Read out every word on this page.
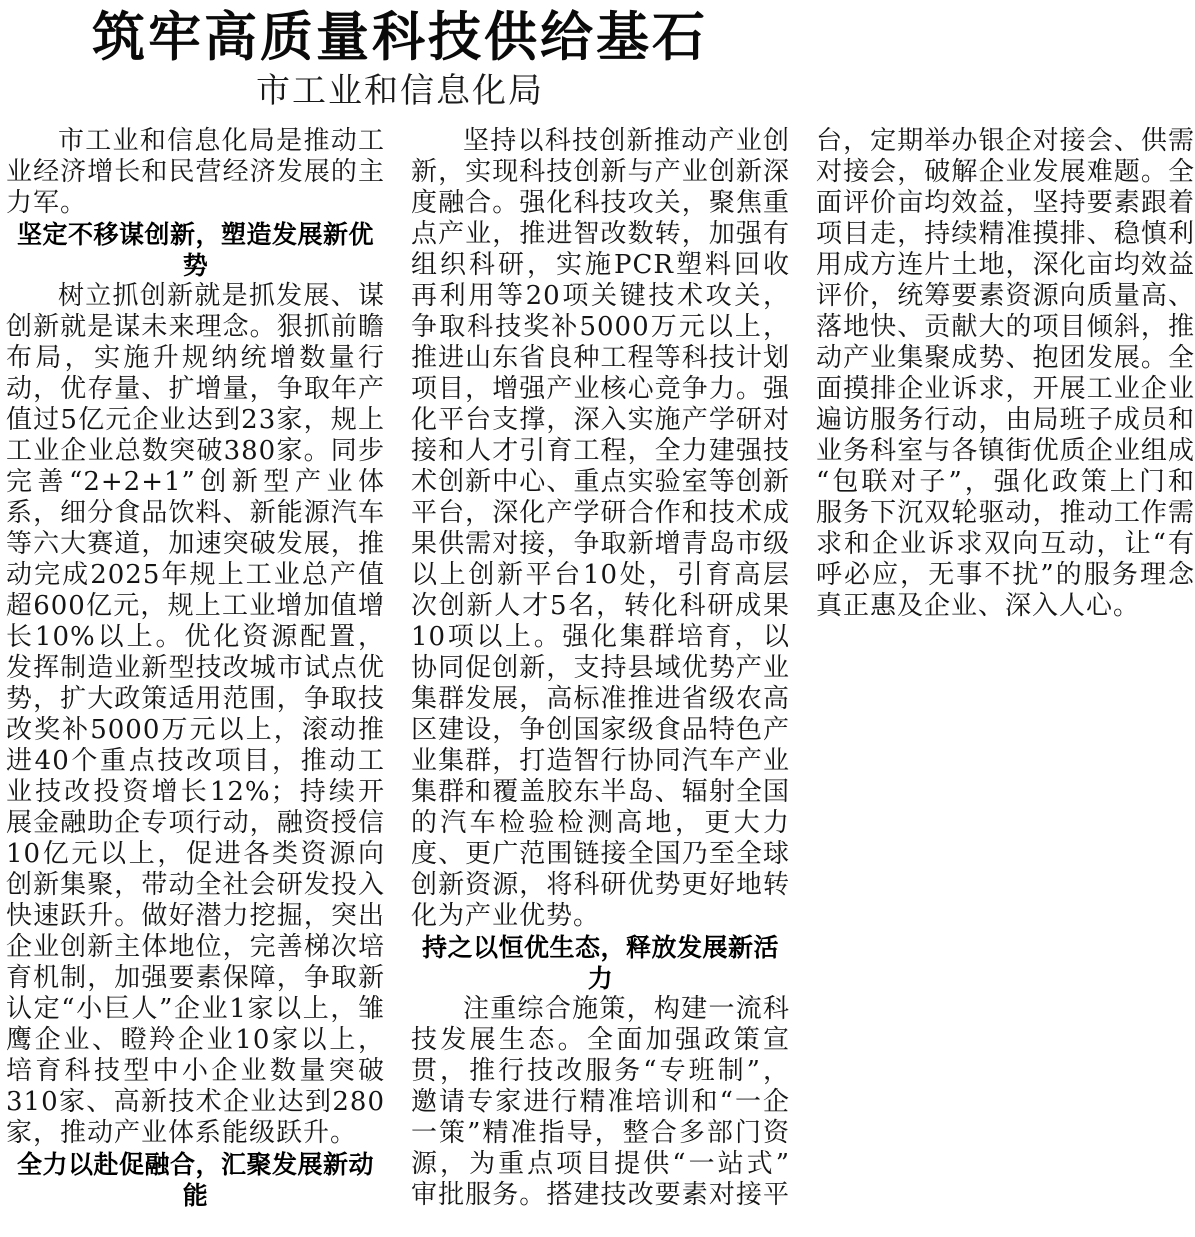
筑牢高质量科技供给基石
市工业和信息化局

市工业和信息化局是推动工业经济增长和民营经济发展的主力军。

坚定不移谋创新，塑造发展新优势

树立抓创新就是抓发展、谋创新就是谋未来理念。狠抓前瞻布局，实施升规纳统增数量行动，优存量、扩增量，争取年产值过5亿元企业达到23家，规上工业企业总数突破380家。同步完善“2+2+1”创新型产业体系，细分食品饮料、新能源汽车等六大赛道，加速突破发展，推动完成2025年规上工业总产值超600亿元，规上工业增加值增长10%以上。优化资源配置，发挥制造业新型技改城市试点优势，扩大政策适用范围，争取技改奖补5000万元以上，滚动推进40个重点技改项目，推动工业技改投资增长12%；持续开展金融助企专项行动，融资授信10亿元以上，促进各类资源向创新集聚，带动全社会研发投入快速跃升。做好潜力挖掘，突出企业创新主体地位，完善梯次培育机制，加强要素保障，争取新认定“小巨人”企业1家以上，雏鹰企业、瞪羚企业10家以上，培育科技型中小企业数量突破310家、高新技术企业达到280家，推动产业体系能级跃升。

全力以赴促融合，汇聚发展新动能

坚持以科技创新推动产业创新，实现科技创新与产业创新深度融合。强化科技攻关，聚焦重点产业，推进智改数转，加强有组织科研，实施PCR塑料回收再利用等20项关键技术攻关，争取科技奖补5000万元以上，推进山东省良种工程等科技计划项目，增强产业核心竞争力。强化平台支撑，深入实施产学研对接和人才引育工程，全力建强技术创新中心、重点实验室等创新平台，深化产学研合作和技术成果供需对接，争取新增青岛市级以上创新平台10处，引育高层次创新人才5名，转化科研成果10项以上。强化集群培育，以协同促创新，支持县域优势产业集群发展，高标准推进省级农高区建设，争创国家级食品特色产业集群，打造智行协同汽车产业集群和覆盖胶东半岛、辐射全国的汽车检验检测高地，更大力度、更广范围链接全国乃至全球创新资源，将科研优势更好地转化为产业优势。

持之以恒优生态，释放发展新活力

注重综合施策，构建一流科技发展生态。全面加强政策宣贯，推行技改服务“专班制”，邀请专家进行精准培训和“一企一策”精准指导，整合多部门资源，为重点项目提供“一站式”审批服务。搭建技改要素对接平台，定期举办银企对接会、供需对接会，破解企业发展难题。全面评价亩均效益，坚持要素跟着项目走，持续精准摸排、稳慎利用成方连片土地，深化亩均效益评价，统筹要素资源向质量高、落地快、贡献大的项目倾斜，推动产业集聚成势、抱团发展。全面摸排企业诉求，开展工业企业遍访服务行动，由局班子成员和业务科室与各镇街优质企业组成“包联对子”，强化政策上门和服务下沉双轮驱动，推动工作需求和企业诉求双向互动，让“有呼必应，无事不扰”的服务理念真正惠及企业、深入人心。
